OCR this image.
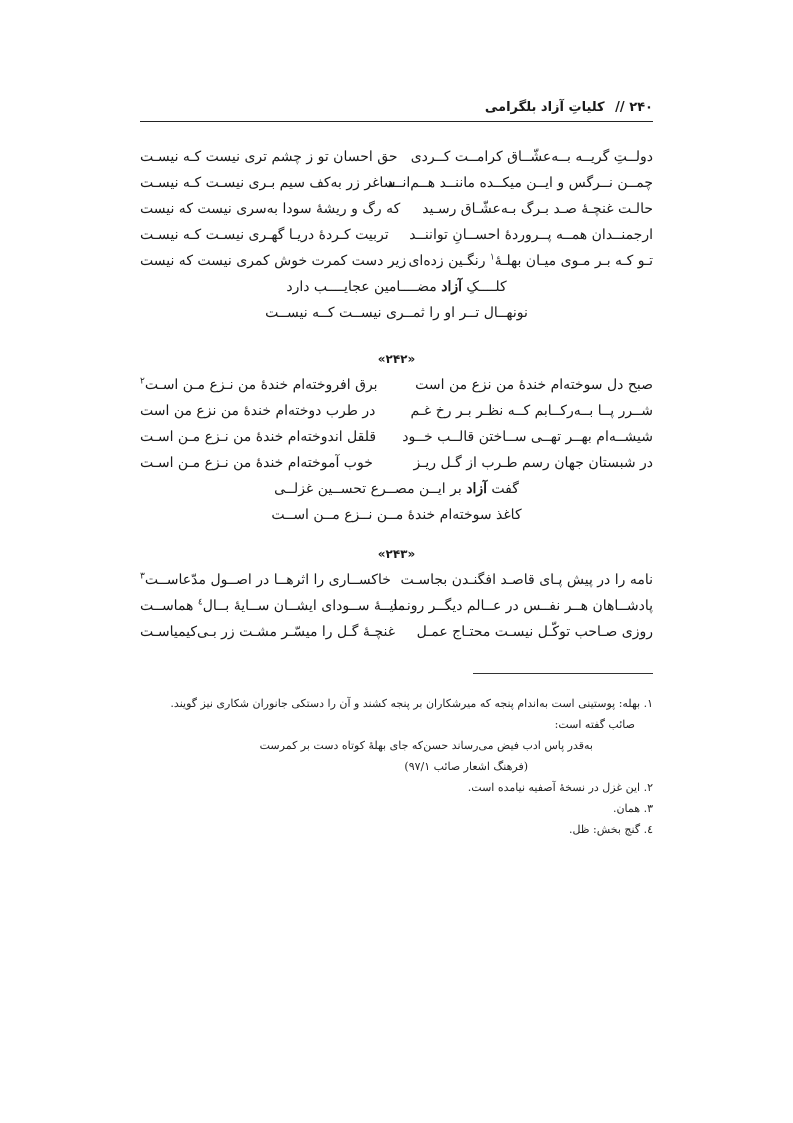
۲۴۰ // کلیاتِ آزاد بلگرامی
دولــتِ گریــه بــه‌عشّــاق کرامــت کــردی
حق احسان تو ز چشم تری نیست کـه نیسـت
چمــن نــرگس و ایــن میکــده ماننــد هــم‌انــد
ساغر زر به‌کف سیم بـری نیسـت کـه نیسـت
حالـت غنچـهٔ صـد بـرگ بـه‌عشّـاق رسـید
که رگ و ریشهٔ سودا به‌سری نیست که نیست
ارجمنــدان همــه پــروردهٔ احســانِ تواننــد
تربیت کـردهٔ دریـا گهـری نیسـت کـه نیسـت
تـو کـه بـر مـوی میـان بهلـهٔ$^۱$ رنگـین زده‌ای
زیر دست کمرت خوش کمری نیست که نیست
کلــــکِ آزاد مضــــامین عجایــــب دارد
نونهــال تــر او را ثمــری نیســت کــه نیســت
«۲۴۲»
صبح دل سوخته‌ام خندهٔ من نزع من است
برق افروخته‌ام خندهٔ من نـزع مـن اسـت$^۲$
شــرر پــا بــه‌رکــابم کــه نظـر بـر رخ غـم
در طرب دوخته‌ام خندهٔ من نزع من است
شیشــه‌ام بهــر تهــی ســاختن قالــب خــود
قلقل اندوخته‌ام خندهٔ من نـزع مـن اسـت
در شبستان جهان رسم طـرب از گـل ریـز
خوب آموخته‌ام خندهٔ من نـزع مـن اسـت
گفت آزاد بر ایــن مصــرع تحســین غزلــی
کاغذ سوخته‌ام خندهٔ مــن نــزع مــن اســت
«۲۴۳»
نامه را در پیش پـای قاصـد افگنـدن بجاسـت
خاکســاری را اثرهــا در اصــول مدّعاســت$^۳$
پادشــاهان هــر نفــس در عــالم دیگــر رونــد
مایــهٔ ســودای ایشــان ســایهٔ بــال$^٤$ هماســت
روزی صـاحب توکّـل نیسـت محتـاج عمـل
غنچـهٔ گـل را میسّـر مشـت زر بـی‌کیمیاسـت
۱. بهله: پوستینی است به‌اندام پنجه که میرشکاران بر پنجه کشند و آن را دستکی جانوران شکاری نیز گویند.
صائب گفته است:
به‌قدر پاس ادب فیض می‌رساند حسن
که جای بهلهٔ کوتاه دست بر کمرست
(فرهنگ اشعار صائب ۹۷/۱)
۲. این غزل در نسخهٔ آصفیه نیامده است.
۳. همان.
٤. گنج بخش: ظل.
